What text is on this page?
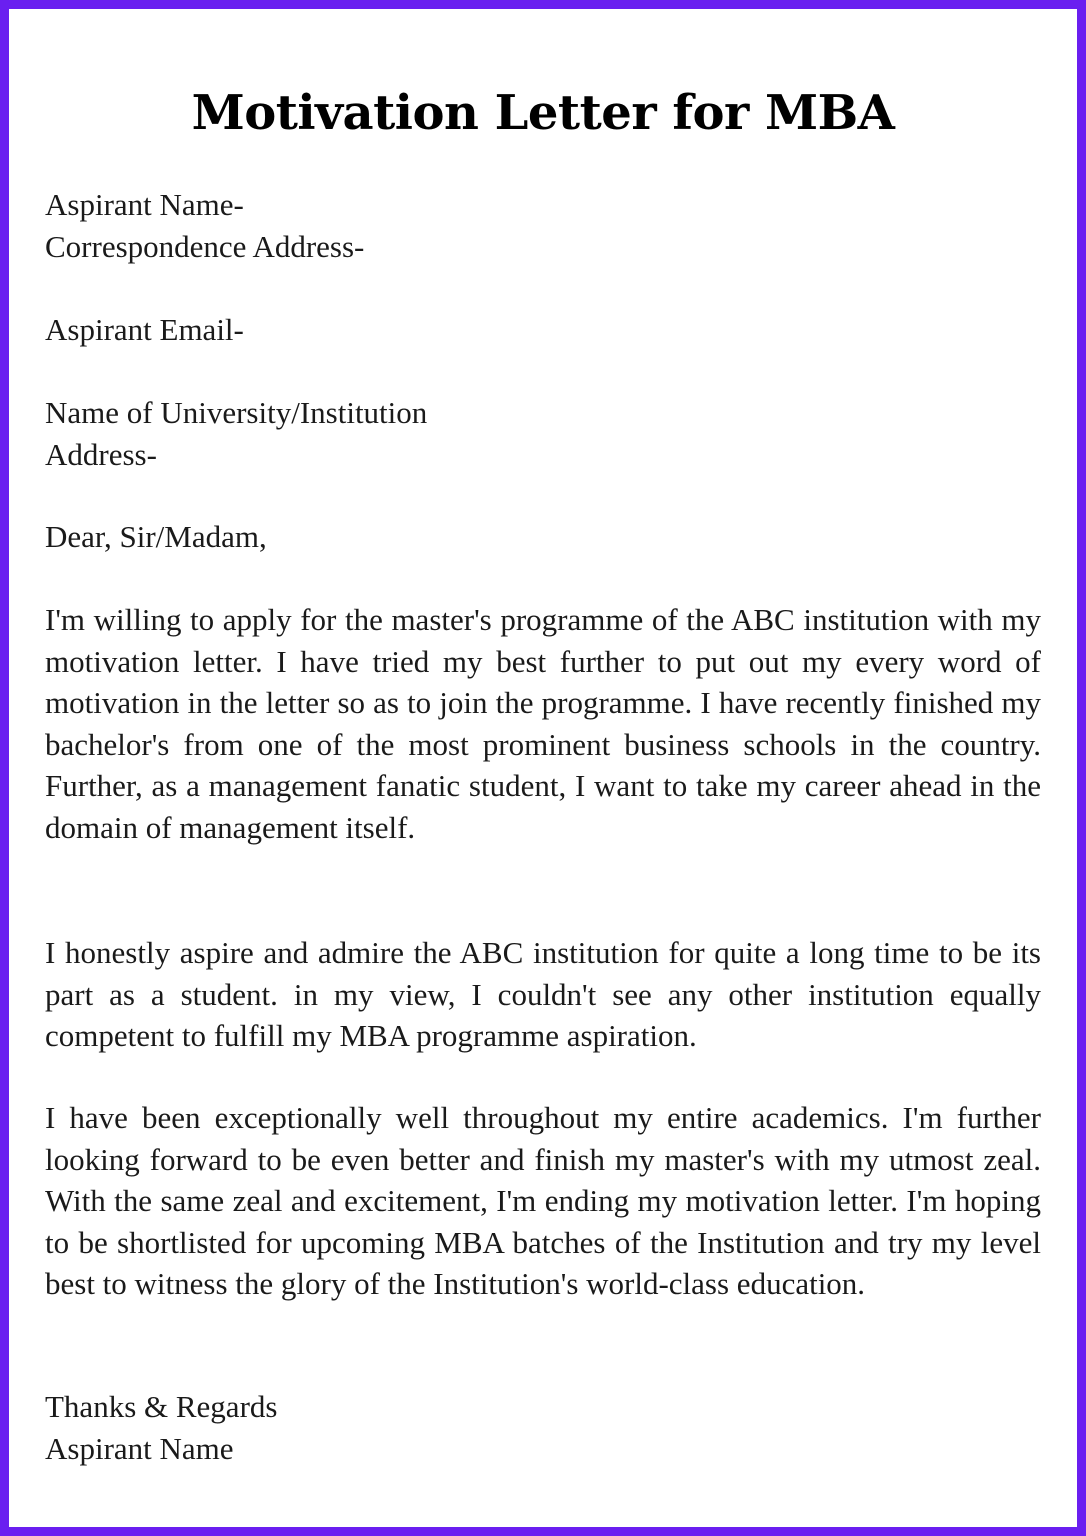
Motivation Letter for MBA
Aspirant Name-
Correspondence Address-
Aspirant Email-
Name of University/Institution
Address-
Dear, Sir/Madam,

I'm willing to apply for the master's programme of the ABC institution with my motivation letter. I have tried my best further to put out my every word of motivation in the letter so as to join the programme. I have recently finished my bachelor's from one of the most prominent business schools in the country. Further, as a management fanatic student, I want to take my career ahead in the domain of management itself.

I honestly aspire and admire the ABC institution for quite a long time to be its part as a student. in my view, I couldn't see any other institution equally competent to fulfill my MBA programme aspiration.

I have been exceptionally well throughout my entire academics. I'm further looking forward to be even better and finish my master's with my utmost zeal. With the same zeal and excitement, I'm ending my motivation letter. I'm hoping to be shortlisted for upcoming MBA batches of the Institution and try my level best to witness the glory of the Institution's world-class education.

Thanks & Regards
Aspirant Name
